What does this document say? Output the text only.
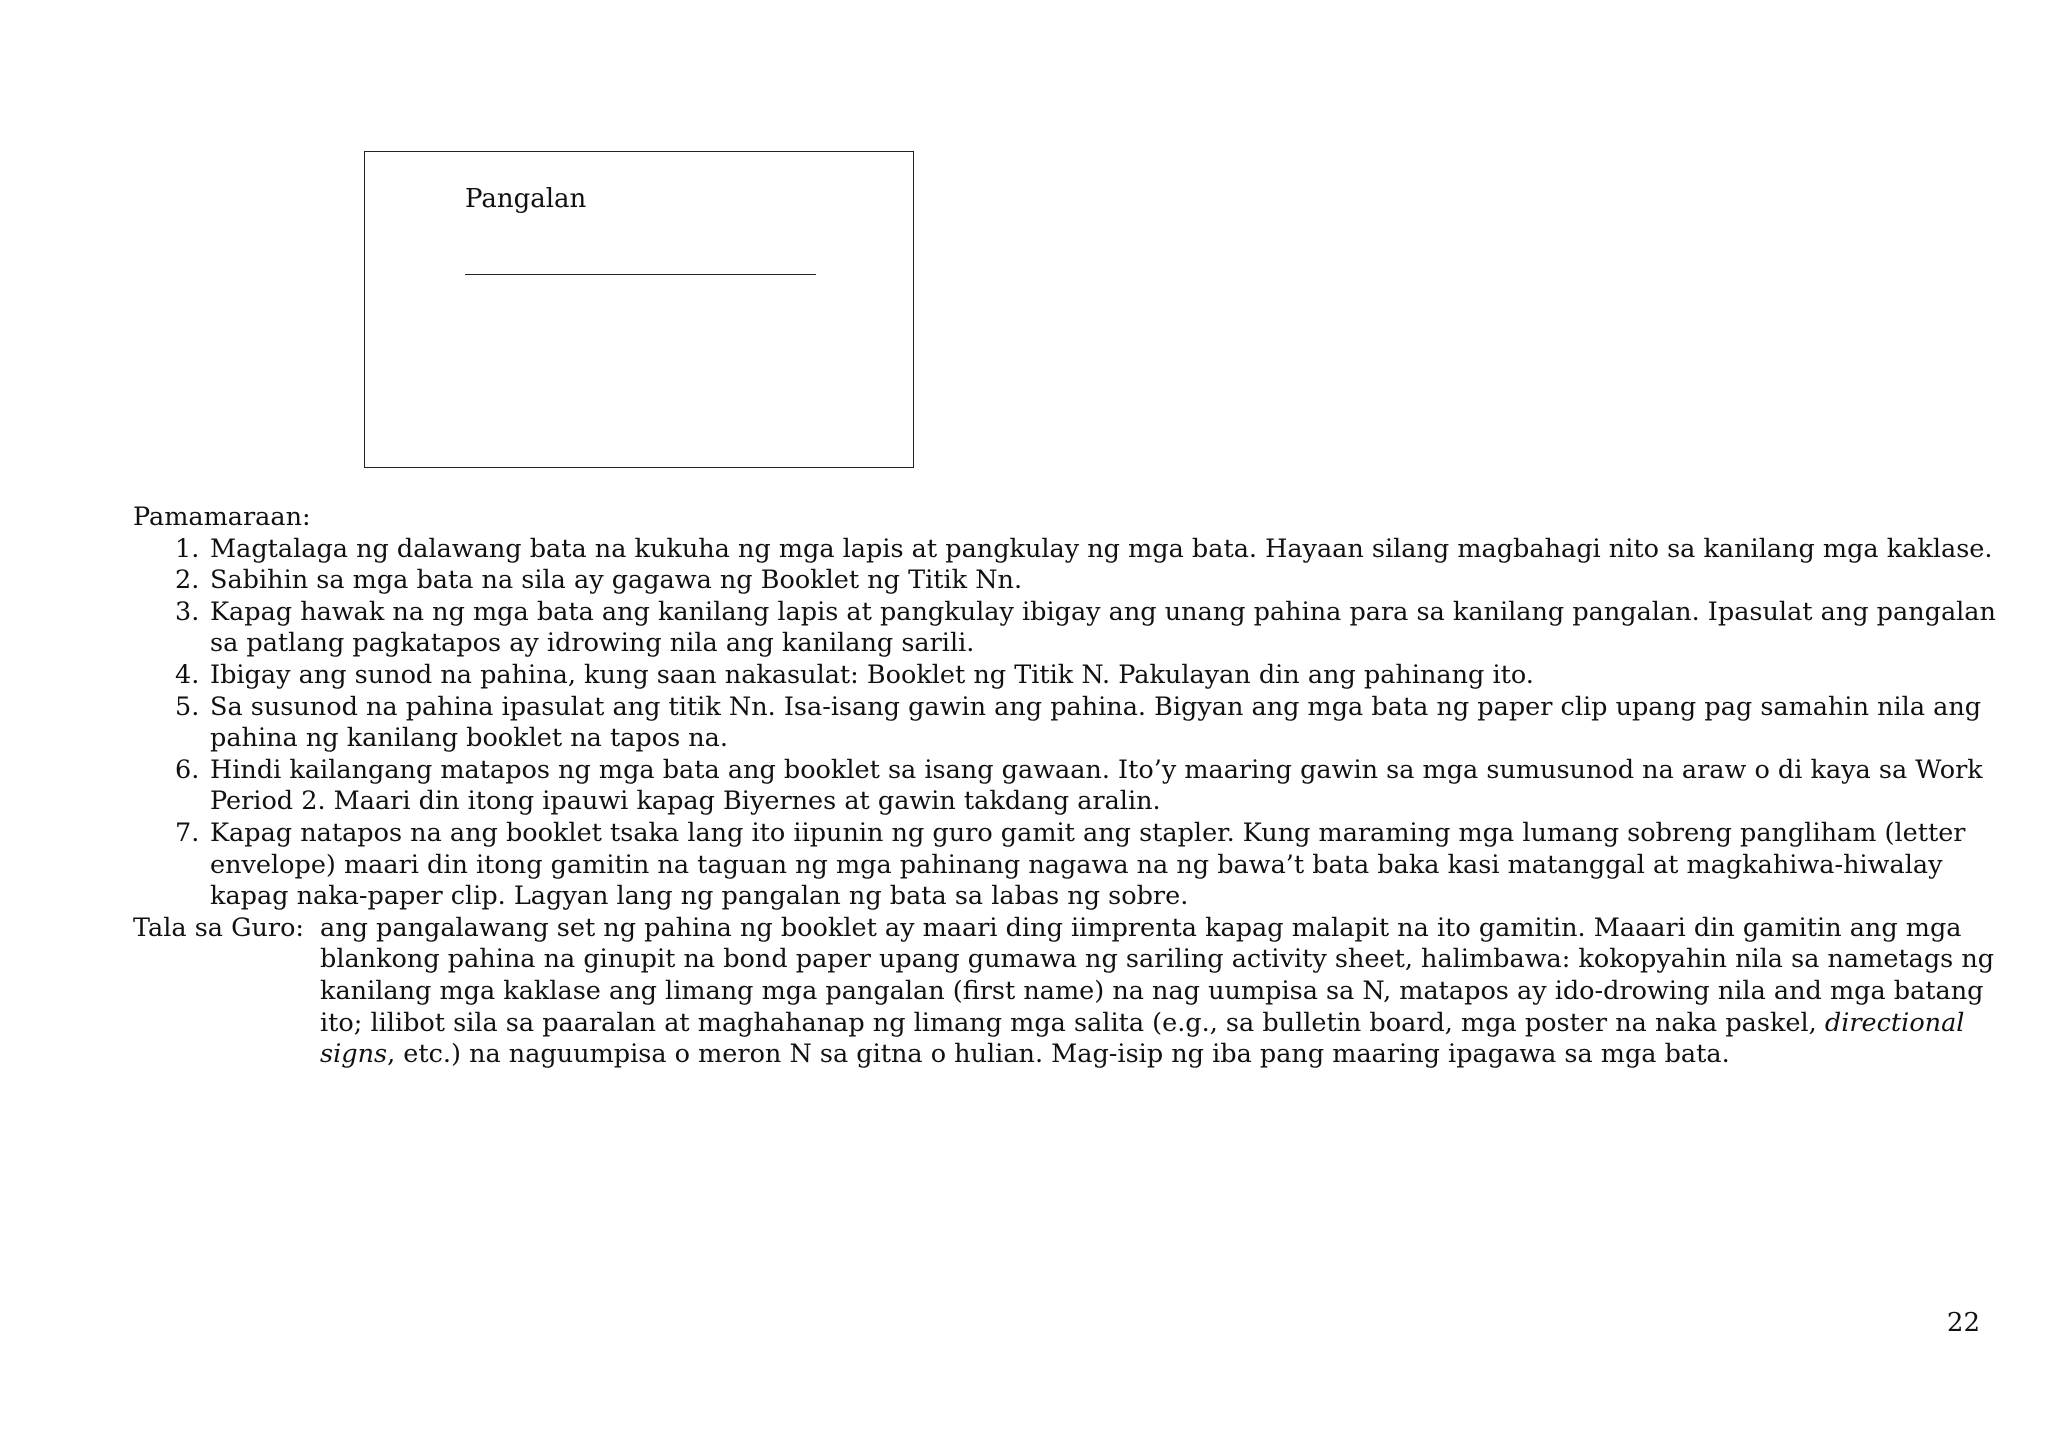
Pangalan

Pamamaraan:

1. Magtalaga ng dalawang bata na kukuha ng mga lapis at pangkulay ng mga bata. Hayaan silang magbahagi nito sa kanilang mga kaklase.
2. Sabihin sa mga bata na sila ay gagawa ng Booklet ng Titik Nn.
3. Kapag hawak na ng mga bata ang kanilang lapis at pangkulay ibigay ang unang pahina para sa kanilang pangalan. Ipasulat ang pangalan sa patlang pagkatapos ay idrowing nila ang kanilang sarili.
4. Ibigay ang sunod na pahina, kung saan nakasulat: Booklet ng Titik N. Pakulayan din ang pahinang ito.
5. Sa susunod na pahina ipasulat ang titik Nn. Isa-isang gawin ang pahina. Bigyan ang mga bata ng paper clip upang pag samahin nila ang pahina ng kanilang booklet na tapos na.
6. Hindi kailangang matapos ng mga bata ang booklet sa isang gawaan. Ito’y maaring gawin sa mga sumusunod na araw o di kaya sa Work Period 2. Maari din itong ipauwi kapag Biyernes at gawin takdang aralin.
7. Kapag natapos na ang booklet tsaka lang ito iipunin ng guro gamit ang stapler. Kung maraming mga lumang sobreng pangliham (letter envelope) maari din itong gamitin na taguan ng mga pahinang nagawa na ng bawa’t bata baka kasi matanggal at magkahiwa-hiwalay kapag naka-paper clip. Lagyan lang ng pangalan ng bata sa labas ng sobre.
Tala sa Guro: ang pangalawang set ng pahina ng booklet ay maari ding iimprenta kapag malapit na ito gamitin. Maaari din gamitin ang mga blankong pahina na ginupit na bond paper upang gumawa ng sariling activity sheet, halimbawa: kokopyahin nila sa nametags ng kanilang mga kaklase ang limang mga pangalan (first name) na nag uumpisa sa N, matapos ay ido-drowing nila and mga batang ito; lilibot sila sa paaralan at maghahanap ng limang mga salita (e.g., sa bulletin board, mga poster na naka paskel, directional signs, etc.) na naguumpisa o meron N sa gitna o hulian. Mag-isip ng iba pang maaring ipagawa sa mga bata.
22
